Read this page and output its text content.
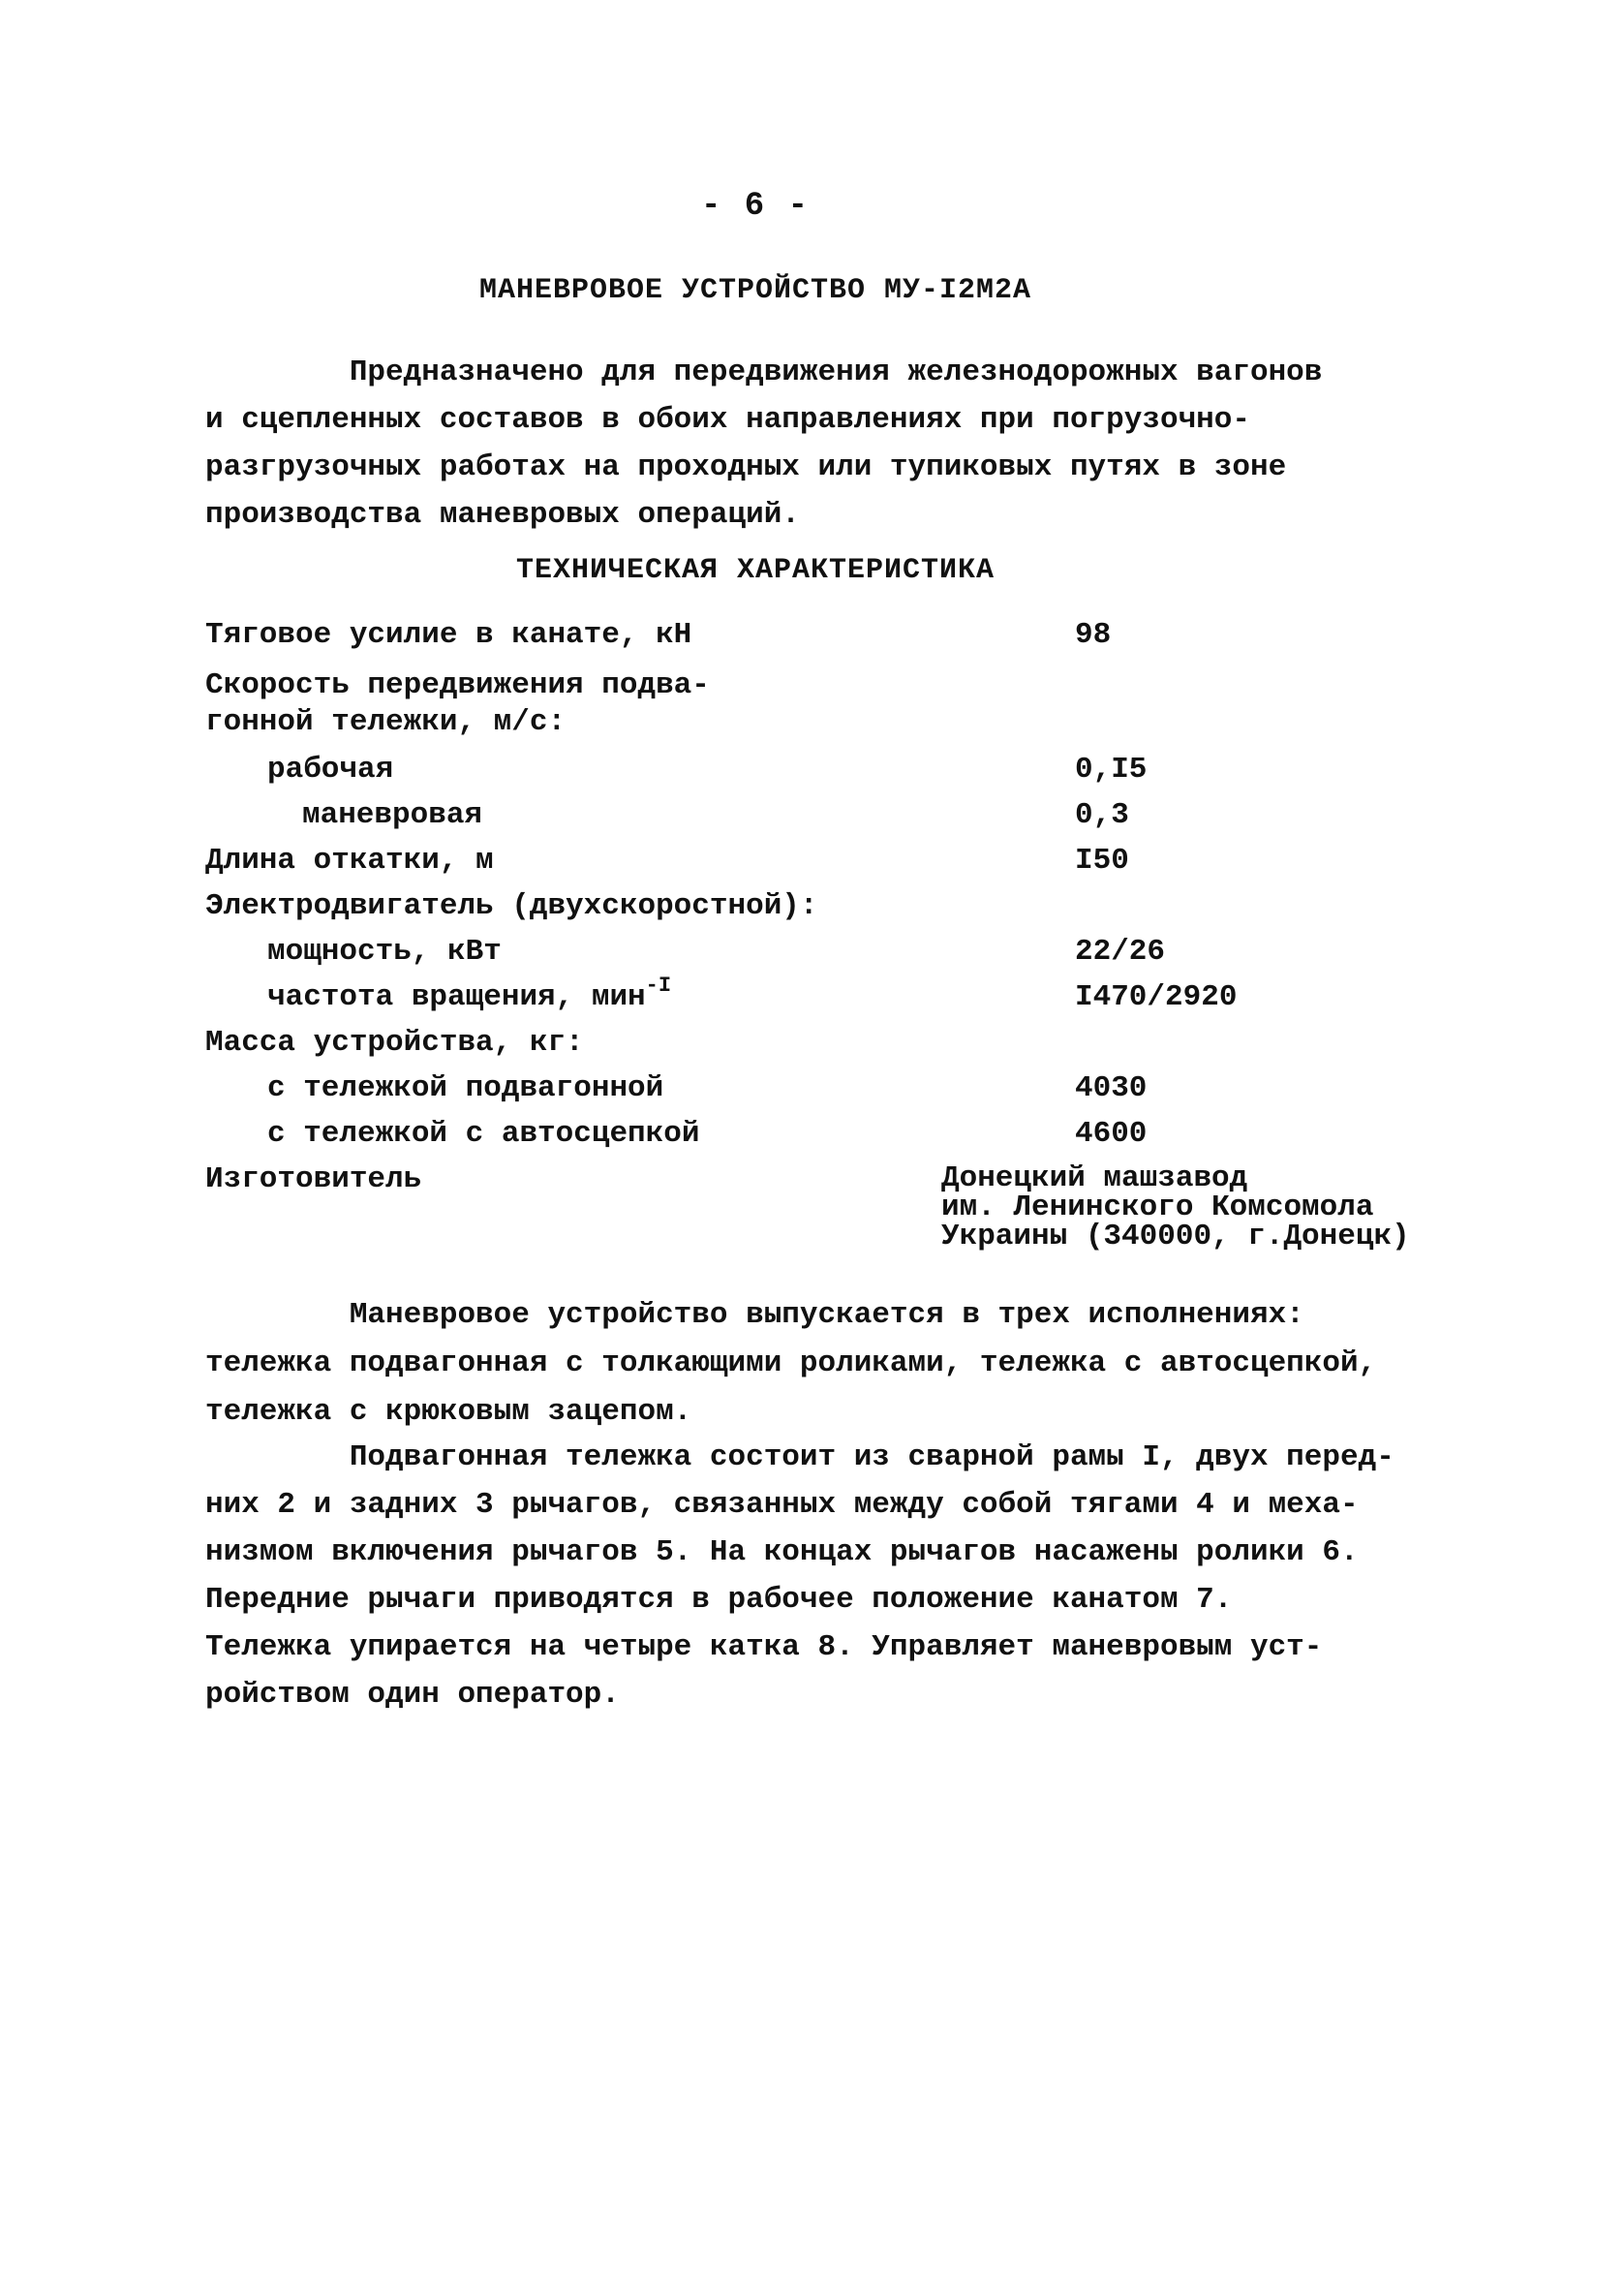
- 6 -
МАНЕВРОВОЕ УСТРОЙСТВО МУ-I2M2A
Предназначено для передвижения железнодорожных вагонов
и сцепленных составов в обоих направлениях при погрузочно-
разгрузочных работах на проходных или тупиковых путях в зоне
производства маневровых операций.
ТЕХНИЧЕСКАЯ ХАРАКТЕРИСТИКА
Тяговое усилие в канате, кН	98
Скорость передвижения подва-
гонной тележки, м/с:
рабочая	0,I5
маневровая	0,3
Длина откатки, м	I50
Электродвигатель (двухскоростной):
мощность, кВт	22/26
частота вращения, мин$^{-I}$	I470/2920
Масса устройства, кг:
с тележкой подвагонной	4030
с тележкой с автосцепкой	4600
Изготовитель	Донецкий машзавод
им. Ленинского Комсомола
Украины (340000, г.Донецк)
Маневровое устройство выпускается в трех исполнениях:
тележка подвагонная с толкающими роликами, тележка с автосцепкой,
тележка с крюковым зацепом.
Подвагонная тележка состоит из сварной рамы I, двух перед-
них 2 и задних 3 рычагов, связанных между собой тягами 4 и меха-
низмом включения рычагов 5. На концах рычагов насажены ролики 6.
Передние рычаги приводятся в рабочее положение канатом 7.
Тележка упирается на четыре катка 8. Управляет маневровым уст-
ройством один оператор.
